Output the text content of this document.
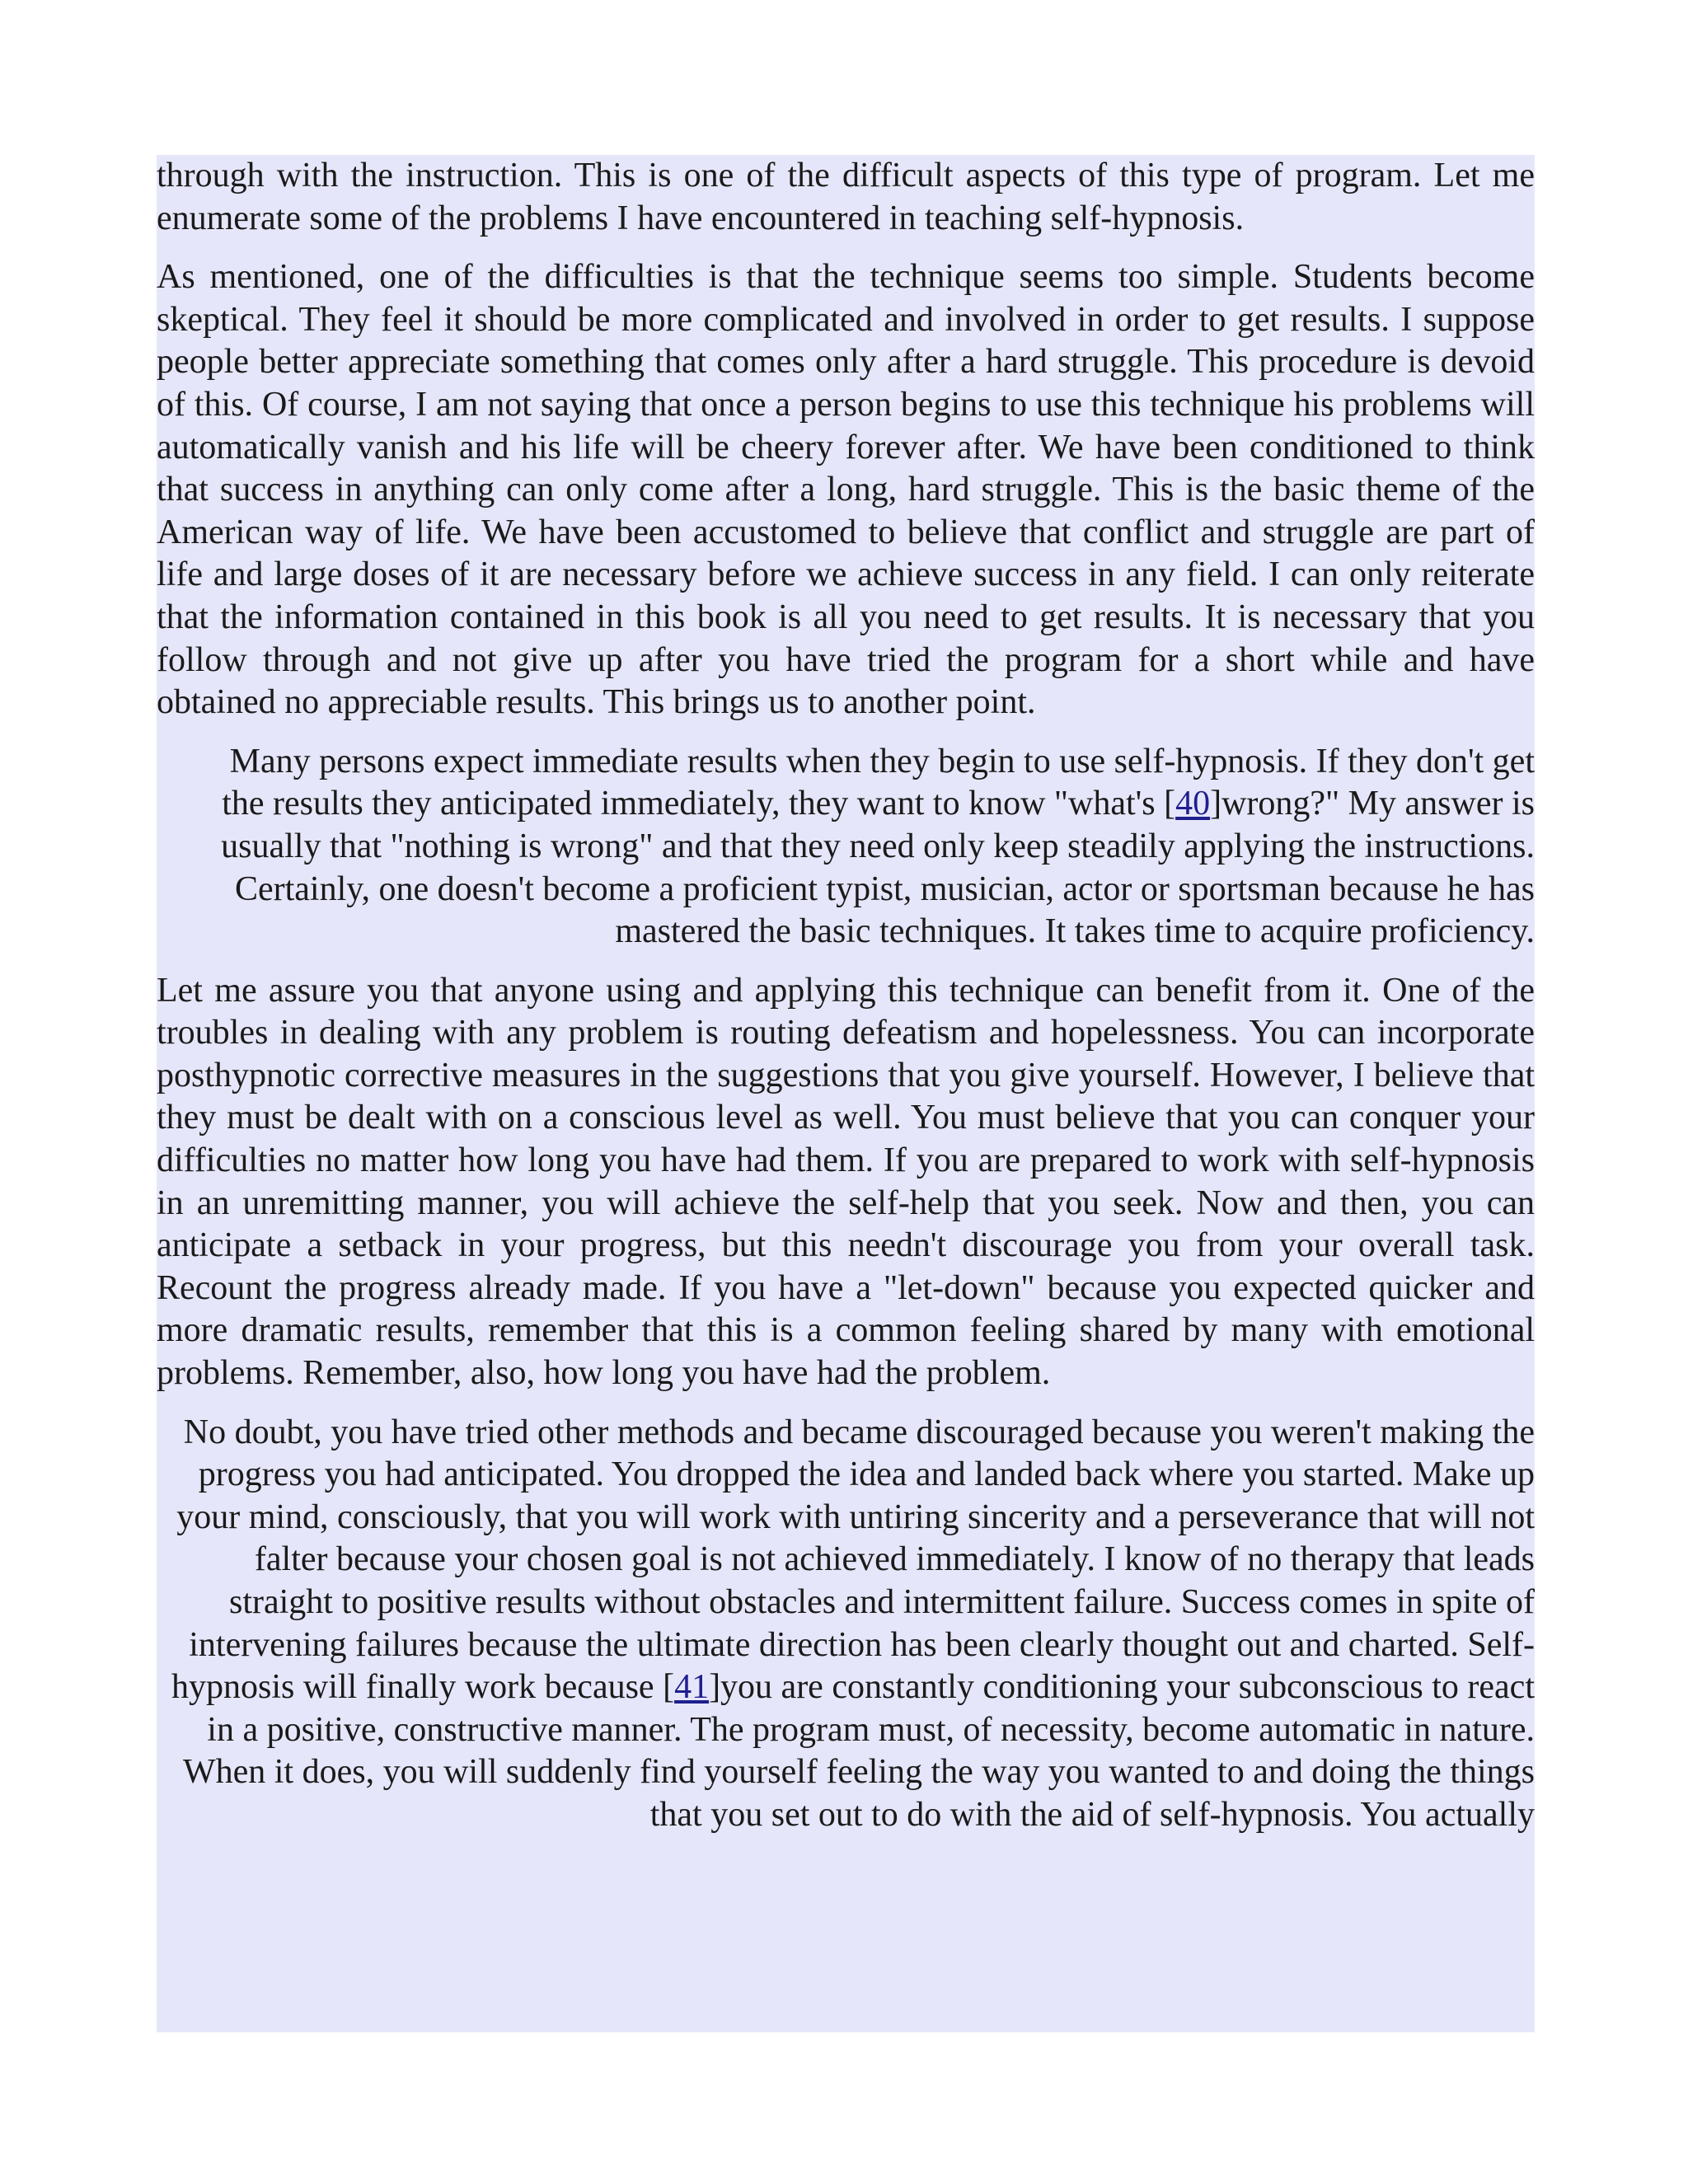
through with the instruction. This is one of the difficult aspects of this type of program. Let me enumerate some of the problems I have encountered in teaching self-hypnosis.

As mentioned, one of the difficulties is that the technique seems too simple. Students become skeptical. They feel it should be more complicated and involved in order to get results. I suppose people better appreciate something that comes only after a hard struggle. This procedure is devoid of this. Of course, I am not saying that once a person begins to use this technique his problems will automatically vanish and his life will be cheery forever after. We have been conditioned to think that success in anything can only come after a long, hard struggle. This is the basic theme of the American way of life. We have been accustomed to believe that conflict and struggle are part of life and large doses of it are necessary before we achieve success in any field. I can only reiterate that the information contained in this book is all you need to get results. It is necessary that you follow through and not give up after you have tried the program for a short while and have obtained no appreciable results. This brings us to another point.

Many persons expect immediate results when they begin to use self-hypnosis. If they don't get the results they anticipated immediately, they want to know "what's [40]wrong?" My answer is usually that "nothing is wrong" and that they need only keep steadily applying the instructions. Certainly, one doesn't become a proficient typist, musician, actor or sportsman because he has mastered the basic techniques. It takes time to acquire proficiency.

Let me assure you that anyone using and applying this technique can benefit from it. One of the troubles in dealing with any problem is routing defeatism and hopelessness. You can incorporate posthypnotic corrective measures in the suggestions that you give yourself. However, I believe that they must be dealt with on a conscious level as well. You must believe that you can conquer your difficulties no matter how long you have had them. If you are prepared to work with self-hypnosis in an unremitting manner, you will achieve the self-help that you seek. Now and then, you can anticipate a setback in your progress, but this needn't discourage you from your overall task. Recount the progress already made. If you have a "let-down" because you expected quicker and more dramatic results, remember that this is a common feeling shared by many with emotional problems. Remember, also, how long you have had the problem.

No doubt, you have tried other methods and became discouraged because you weren't making the progress you had anticipated. You dropped the idea and landed back where you started. Make up your mind, consciously, that you will work with untiring sincerity and a perseverance that will not falter because your chosen goal is not achieved immediately. I know of no therapy that leads straight to positive results without obstacles and intermittent failure. Success comes in spite of intervening failures because the ultimate direction has been clearly thought out and charted. Self-hypnosis will finally work because [41]you are constantly conditioning your subconscious to react in a positive, constructive manner. The program must, of necessity, become automatic in nature. When it does, you will suddenly find yourself feeling the way you wanted to and doing the things that you set out to do with the aid of self-hypnosis. You actually
